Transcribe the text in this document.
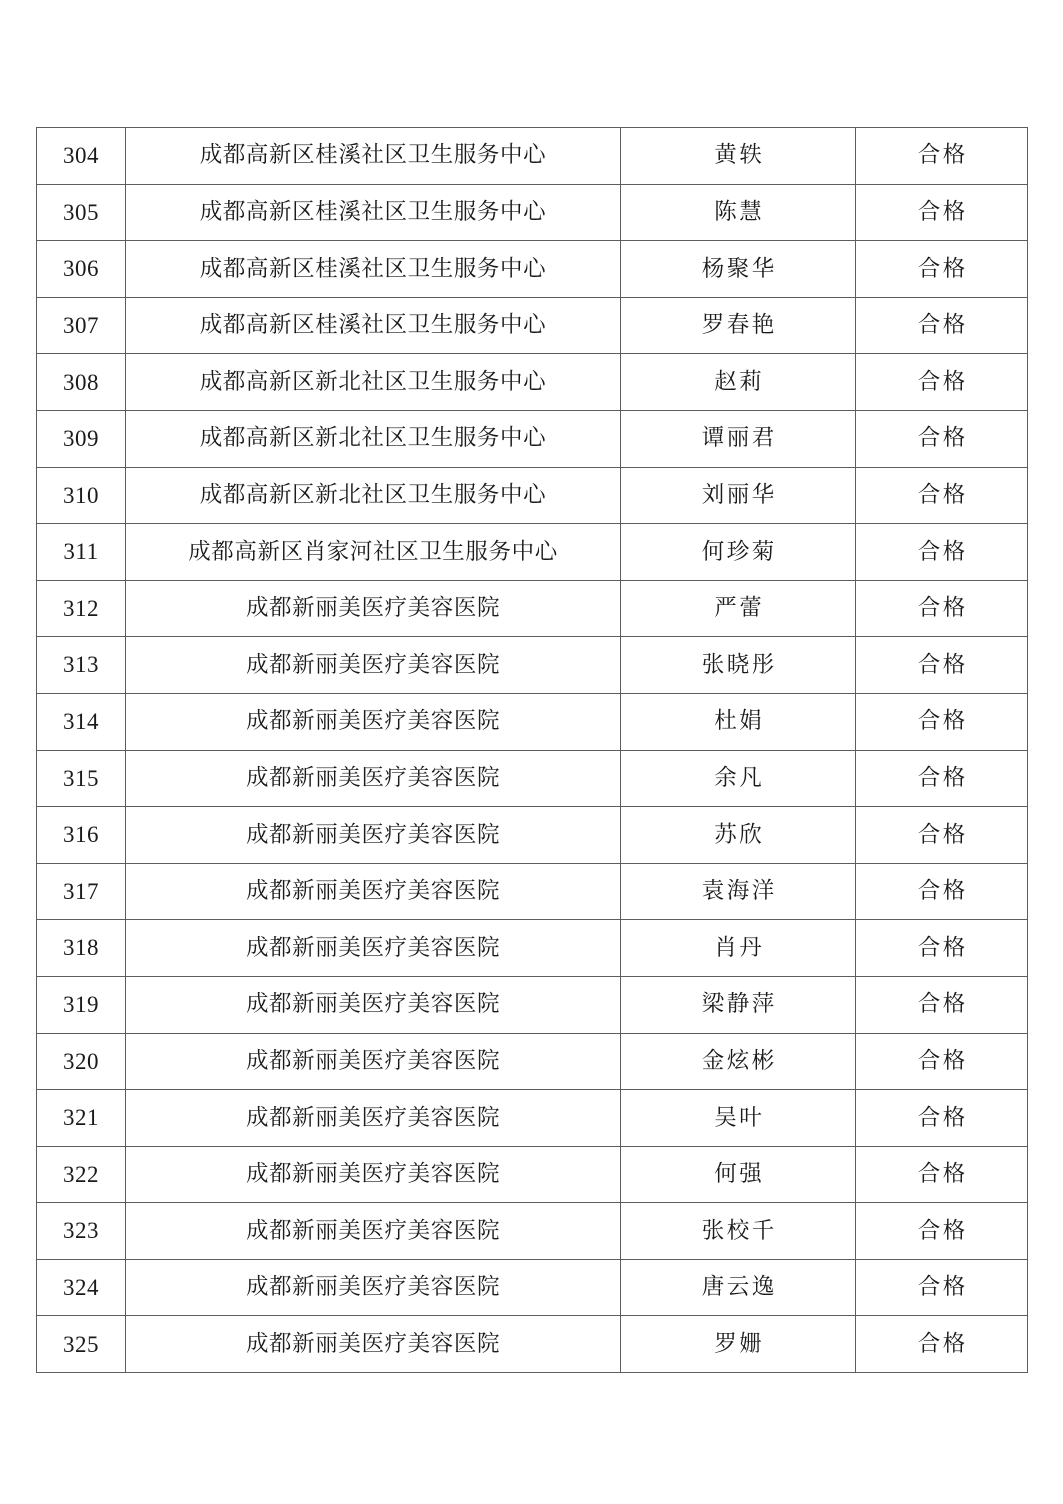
304	成都高新区桂溪社区卫生服务中心	黄轶	合格
305	成都高新区桂溪社区卫生服务中心	陈慧	合格
306	成都高新区桂溪社区卫生服务中心	杨聚华	合格
307	成都高新区桂溪社区卫生服务中心	罗春艳	合格
308	成都高新区新北社区卫生服务中心	赵莉	合格
309	成都高新区新北社区卫生服务中心	谭丽君	合格
310	成都高新区新北社区卫生服务中心	刘丽华	合格
311	成都高新区肖家河社区卫生服务中心	何珍菊	合格
312	成都新丽美医疗美容医院	严蕾	合格
313	成都新丽美医疗美容医院	张晓彤	合格
314	成都新丽美医疗美容医院	杜娟	合格
315	成都新丽美医疗美容医院	余凡	合格
316	成都新丽美医疗美容医院	苏欣	合格
317	成都新丽美医疗美容医院	袁海洋	合格
318	成都新丽美医疗美容医院	肖丹	合格
319	成都新丽美医疗美容医院	梁静萍	合格
320	成都新丽美医疗美容医院	金炫彬	合格
321	成都新丽美医疗美容医院	吴叶	合格
322	成都新丽美医疗美容医院	何强	合格
323	成都新丽美医疗美容医院	张校千	合格
324	成都新丽美医疗美容医院	唐云逸	合格
325	成都新丽美医疗美容医院	罗姗	合格
